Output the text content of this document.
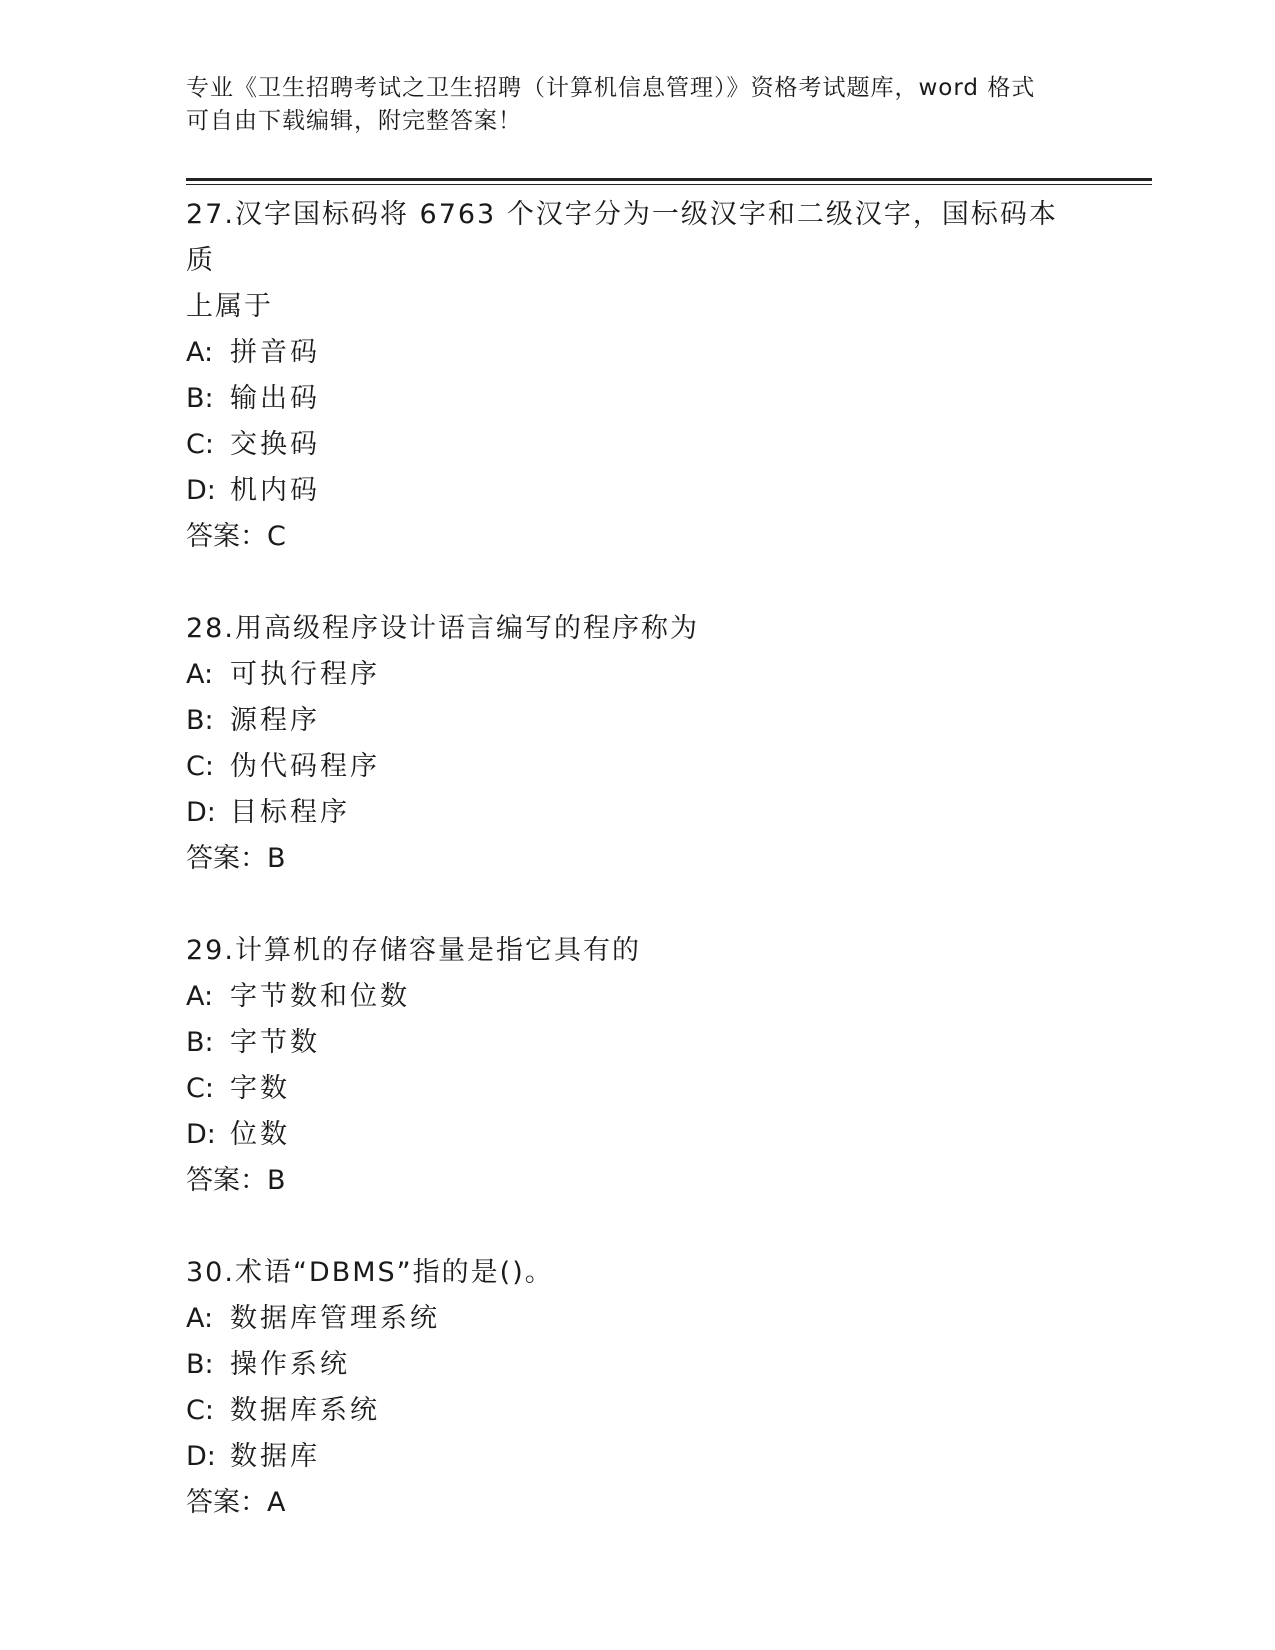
专业《卫生招聘考试之卫生招聘（计算机信息管理）》资格考试题库，word 格式
可自由下载编辑，附完整答案！

27.汉字国标码将 6763 个汉字分为一级汉字和二级汉字，国标码本质

上属于

A: 拼音码

B: 输出码

C: 交换码

D: 机内码

答案：C

28.用高级程序设计语言编写的程序称为

A: 可执行程序

B: 源程序

C: 伪代码程序

D: 目标程序

答案：B

29.计算机的存储容量是指它具有的

A: 字节数和位数

B: 字节数

C: 字数

D: 位数

答案：B

30.术语“DBMS”指的是()。

A: 数据库管理系统

B: 操作系统

C: 数据库系统

D: 数据库

答案：A
